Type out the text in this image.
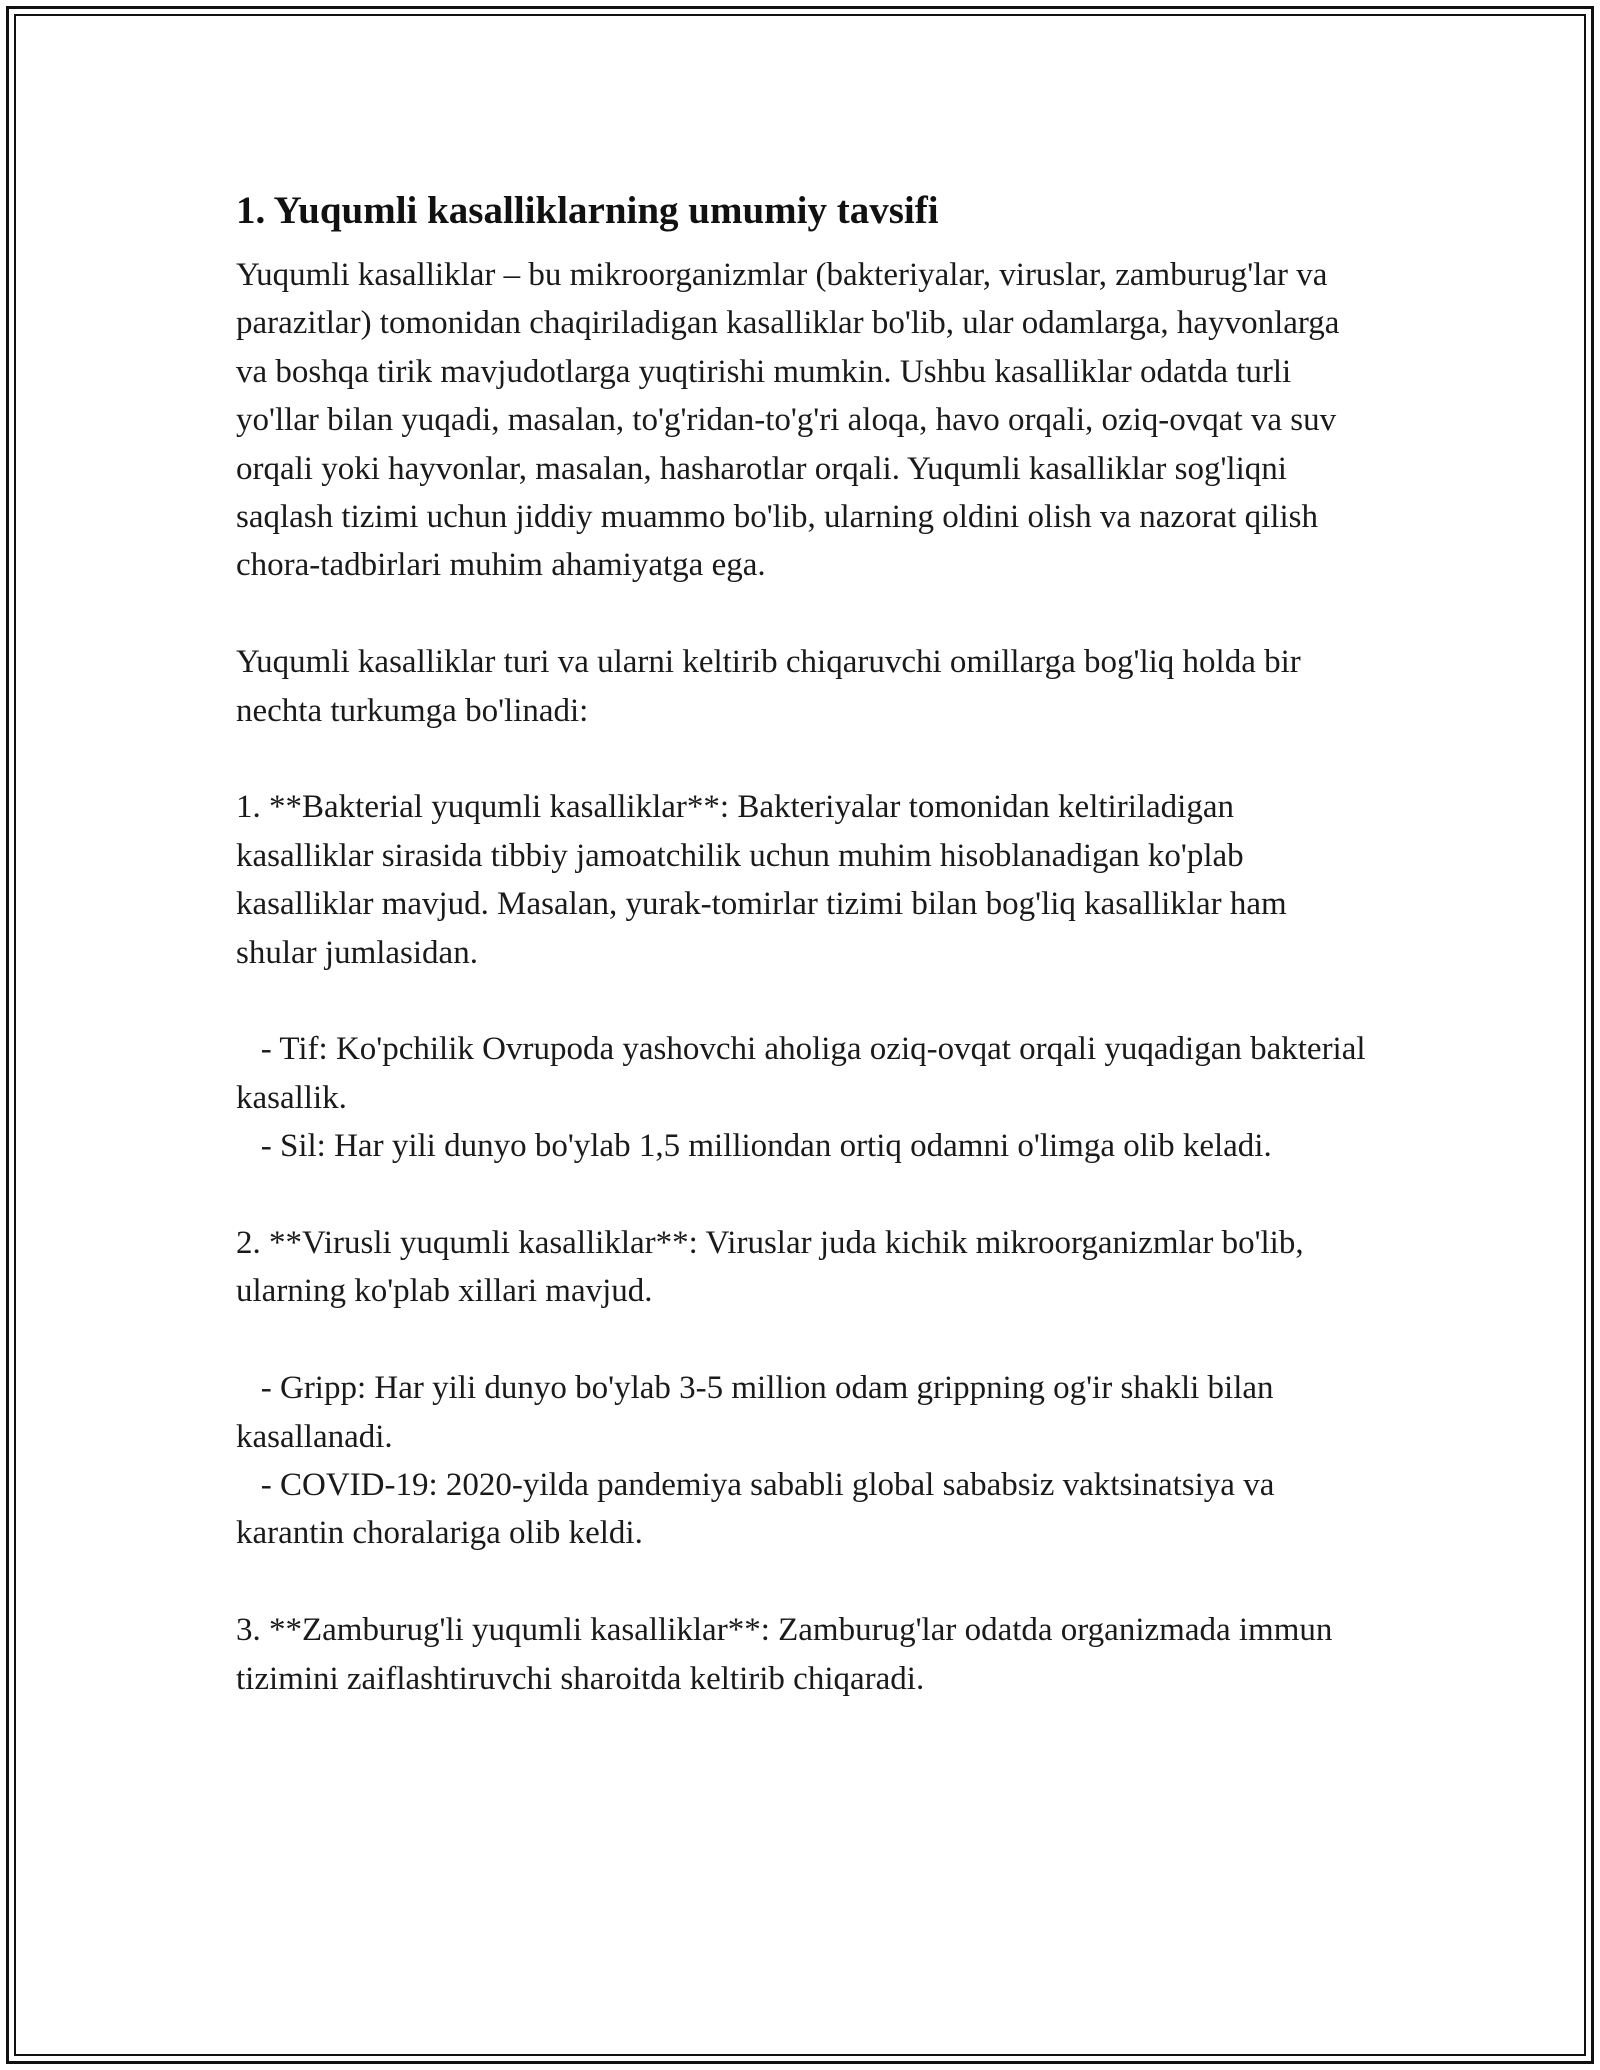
1. Yuqumli kasalliklarning umumiy tavsifi

Yuqumli kasalliklar – bu mikroorganizmlar (bakteriyalar, viruslar, zamburug'lar va parazitlar) tomonidan chaqiriladigan kasalliklar bo'lib, ular odamlarga, hayvonlarga va boshqa tirik mavjudotlarga yuqtirishi mumkin. Ushbu kasalliklar odatda turli yo'llar bilan yuqadi, masalan, to'g'ridan-to'g'ri aloqa, havo orqali, oziq-ovqat va suv orqali yoki hayvonlar, masalan, hasharotlar orqali. Yuqumli kasalliklar sog'liqni saqlash tizimi uchun jiddiy muammo bo'lib, ularning oldini olish va nazorat qilish chora-tadbirlari muhim ahamiyatga ega.

Yuqumli kasalliklar turi va ularni keltirib chiqaruvchi omillarga bog'liq holda bir nechta turkumga bo'linadi:

1. **Bakterial yuqumli kasalliklar**: Bakteriyalar tomonidan keltiriladigan kasalliklar sirasida tibbiy jamoatchilik uchun muhim hisoblanadigan ko'plab kasalliklar mavjud. Masalan, yurak-tomirlar tizimi bilan bog'liq kasalliklar ham shular jumlasidan.

- Tif: Ko'pchilik Ovrupoda yashovchi aholiga oziq-ovqat orqali yuqadigan bakterial kasallik.

- Sil: Har yili dunyo bo'ylab 1,5 milliondan ortiq odamni o'limga olib keladi.

2. **Virusli yuqumli kasalliklar**: Viruslar juda kichik mikroorganizmlar bo'lib, ularning ko'plab xillari mavjud.

- Gripp: Har yili dunyo bo'ylab 3-5 million odam grippning og'ir shakli bilan kasallanadi.

- COVID-19: 2020-yilda pandemiya sababli global sababsiz vaktsinatsiya va karantin choralariga olib keldi.

3. **Zamburug'li yuqumli kasalliklar**: Zamburug'lar odatda organizmada immun tizimini zaiflashtiruvchi sharoitda keltirib chiqaradi.
